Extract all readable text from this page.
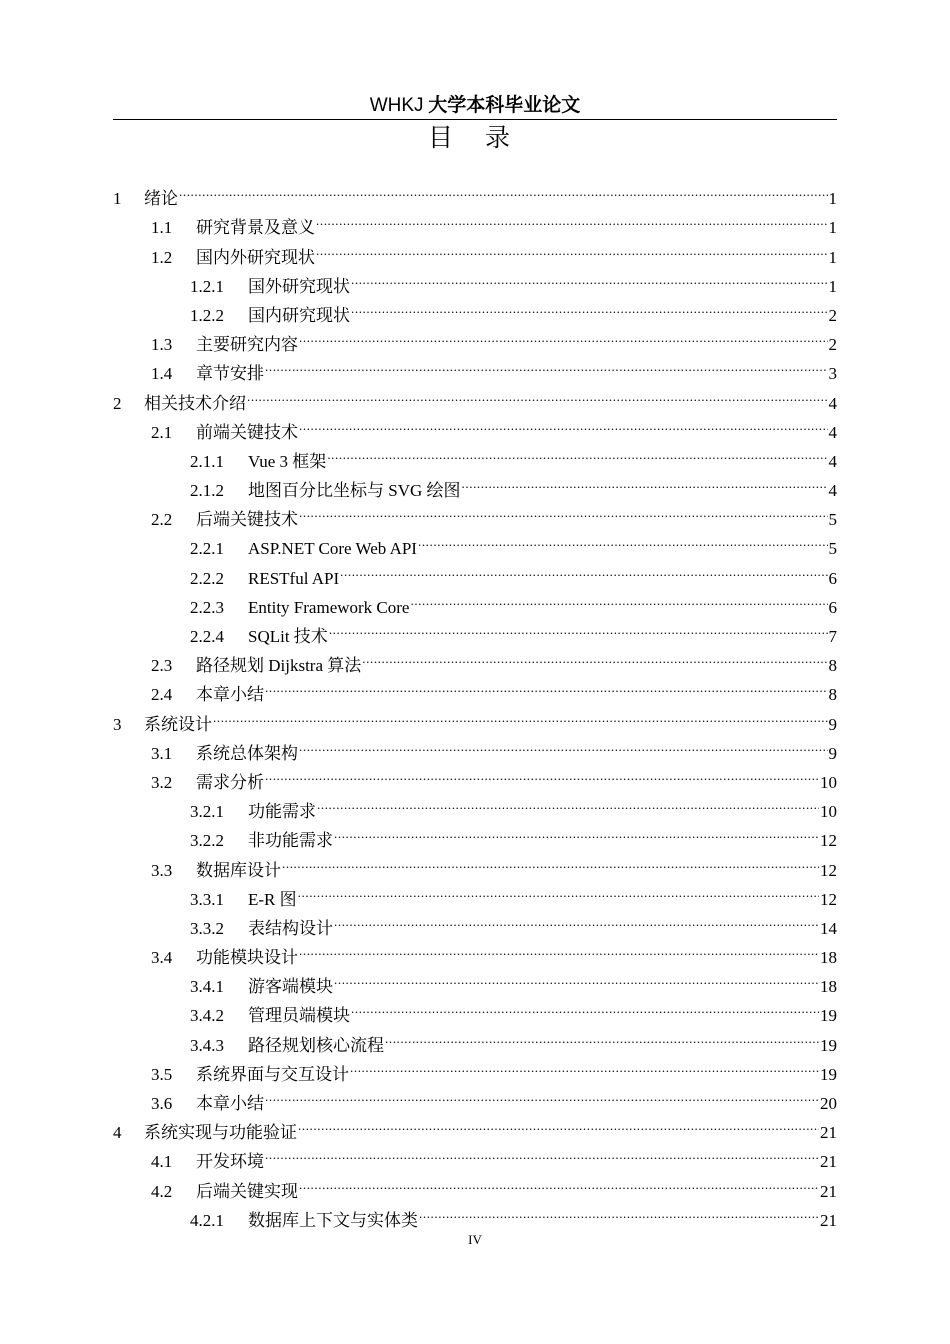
WHKJ 大学本科毕业论文
目 录
1	绪论 .....	1
1.1	研究背景及意义 .....	1
1.2	国内外研究现状 .....	1
1.2.1	国外研究现状 .....	1
1.2.2	国内研究现状 .....	2
1.3	主要研究内容 .....	2
1.4	章节安排 .....	3
2	相关技术介绍 .....	4
2.1	前端关键技术 .....	4
2.1.1	Vue 3 框架 .....	4
2.1.2	地图百分比坐标与 SVG 绘图 .....	4
2.2	后端关键技术 .....	5
2.2.1	ASP.NET Core Web API .....	5
2.2.2	RESTful API .....	6
2.2.3	Entity Framework Core .....	6
2.2.4	SQLit 技术 .....	7
2.3	路径规划 Dijkstra 算法 .....	8
2.4	本章小结 .....	8
3	系统设计 .....	9
3.1	系统总体架构 .....	9
3.2	需求分析 .....	10
3.2.1	功能需求 .....	10
3.2.2	非功能需求 .....	12
3.3	数据库设计 .....	12
3.3.1	E-R 图 .....	12
3.3.2	表结构设计 .....	14
3.4	功能模块设计 .....	18
3.4.1	游客端模块 .....	18
3.4.2	管理员端模块 .....	19
3.4.3	路径规划核心流程 .....	19
3.5	系统界面与交互设计 .....	19
3.6	本章小结 .....	20
4	系统实现与功能验证 .....	21
4.1	开发环境 .....	21
4.2	后端关键实现 .....	21
4.2.1	数据库上下文与实体类 .....	21
IV
